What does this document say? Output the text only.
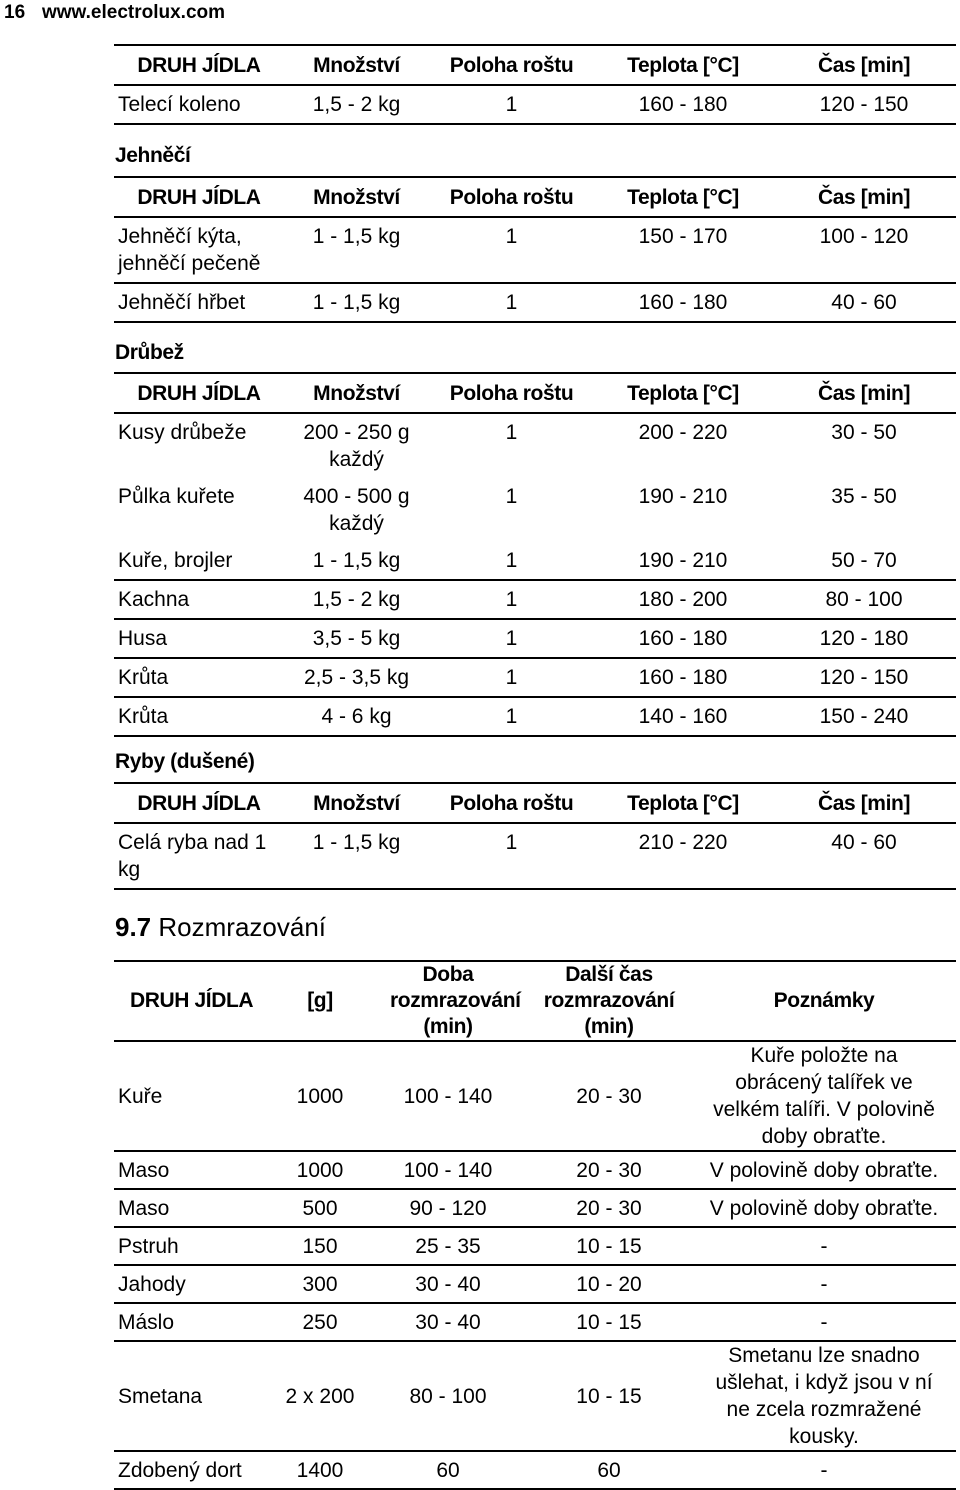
16 www.electrolux.com
DRUH JÍDLA	Množství	Poloha roštu	Teplota [°C]	Čas [min]
Telecí koleno	1,5 - 2 kg	1	160 - 180	120 - 150
Jehněčí
DRUH JÍDLA	Množství	Poloha roštu	Teplota [°C]	Čas [min]
Jehněčí kýta, jehněčí pečeně	1 - 1,5 kg	1	150 - 170	100 - 120
Jehněčí hřbet	1 - 1,5 kg	1	160 - 180	40 - 60
Drůbež
DRUH JÍDLA	Množství	Poloha roštu	Teplota [°C]	Čas [min]
Kusy drůbeže	200 - 250 g každý	1	200 - 220	30 - 50
Půlka kuřete	400 - 500 g každý	1	190 - 210	35 - 50
Kuře, brojler	1 - 1,5 kg	1	190 - 210	50 - 70
Kachna	1,5 - 2 kg	1	180 - 200	80 - 100
Husa	3,5 - 5 kg	1	160 - 180	120 - 180
Krůta	2,5 - 3,5 kg	1	160 - 180	120 - 150
Krůta	4 - 6 kg	1	140 - 160	150 - 240
Ryby (dušené)
DRUH JÍDLA	Množství	Poloha roštu	Teplota [°C]	Čas [min]
Celá ryba nad 1 kg	1 - 1,5 kg	1	210 - 220	40 - 60
9.7 Rozmrazování
DRUH JÍDLA	[g]	Doba rozmrazování (min)	Další čas rozmrazování (min)	Poznámky
Kuře	1000	100 - 140	20 - 30	Kuře položte na obrácený talířek ve velkém talíři. V polovině doby obraťte.
Maso	1000	100 - 140	20 - 30	V polovině doby obraťte.
Maso	500	90 - 120	20 - 30	V polovině doby obraťte.
Pstruh	150	25 - 35	10 - 15	-
Jahody	300	30 - 40	10 - 20	-
Máslo	250	30 - 40	10 - 15	-
Smetana	2 x 200	80 - 100	10 - 15	Smetanu lze snadno ušlehat, i když jsou v ní ne zcela rozmražené kousky.
Zdobený dort	1400	60	60	-
